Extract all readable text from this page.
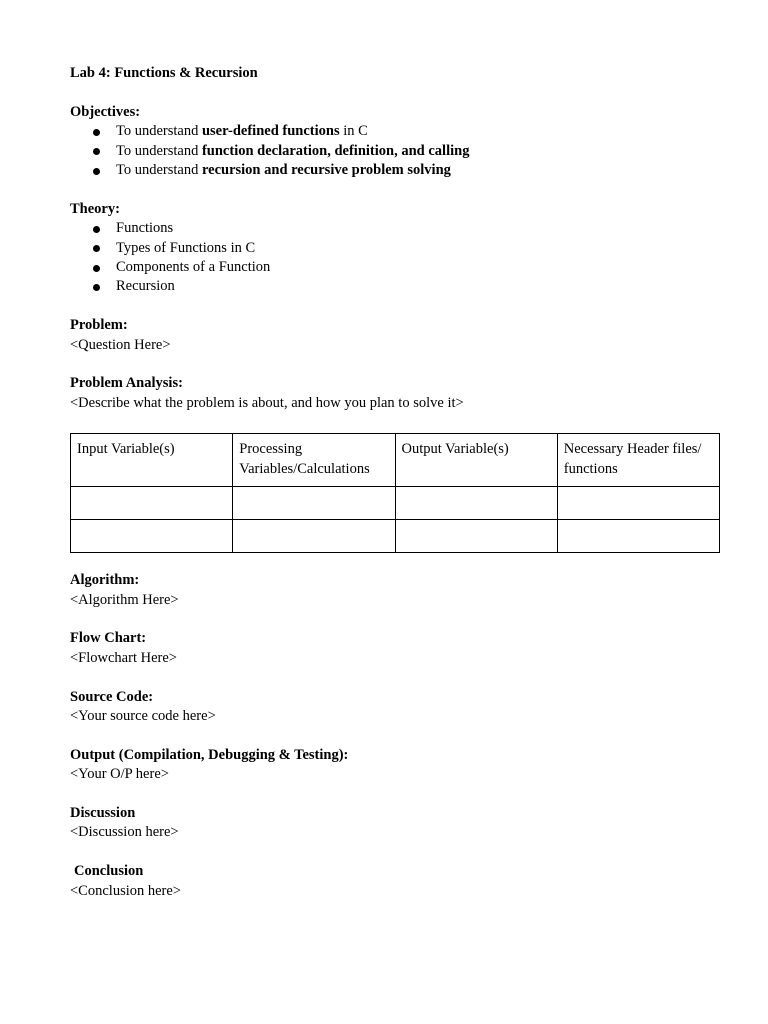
Lab 4: Functions & Recursion

Objectives:

To understand user-defined functions in C
To understand function declaration, definition, and calling
To understand recursion and recursive problem solving

Theory:

Functions
Types of Functions in C
Components of a Function
Recursion

Problem:

<Question Here>

Problem Analysis:

<Describe what the problem is about, and how you plan to solve it>

Input Variable(s)	Processing Variables/Calculations	Output Variable(s)	Necessary Header files/ functions

Algorithm:

<Algorithm Here>

Flow Chart:

<Flowchart Here>

Source Code:

<Your source code here>

Output (Compilation, Debugging & Testing):

<Your O/P here>

Discussion

<Discussion here>

Conclusion

<Conclusion here>
